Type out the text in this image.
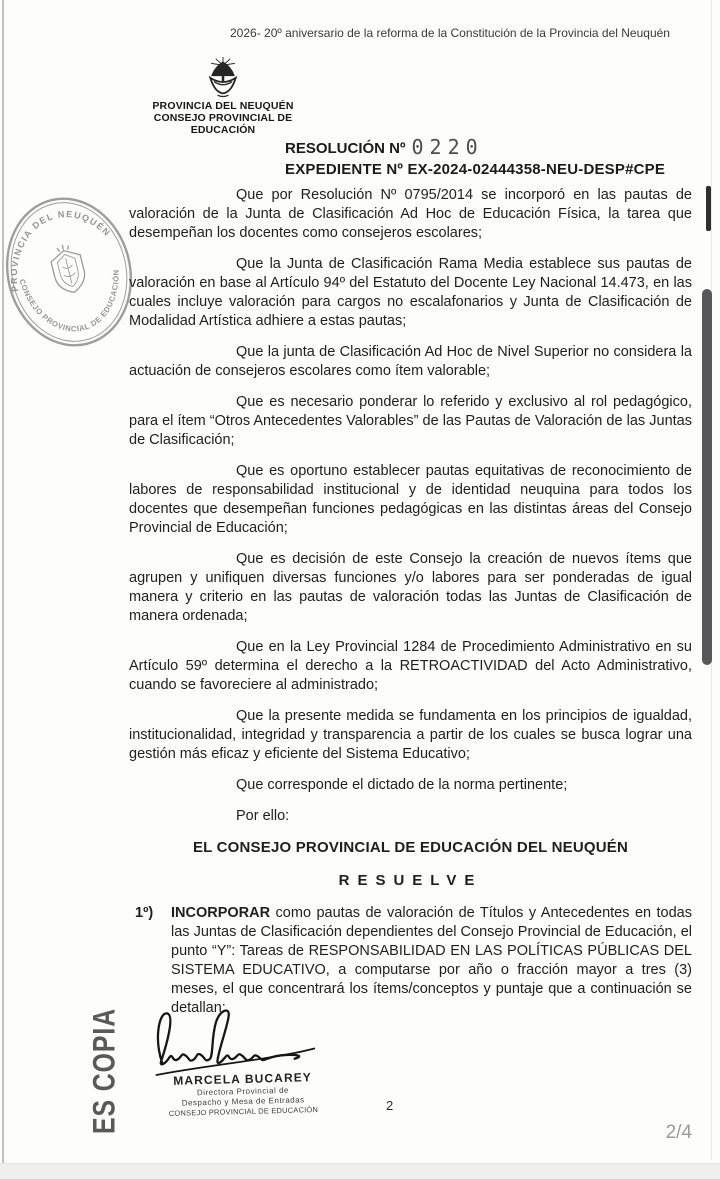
2026- 20º aniversario de la reforma de la Constitución de la Provincia del Neuquén
PROVINCIA DEL NEUQUÉN
CONSEJO PROVINCIAL DE EDUCACIÓN
RESOLUCIÓN Nº 0220
EXPEDIENTE Nº EX-2024-02444358-NEU-DESP#CPE
PROVINCIA DEL NEUQUÉN
CONSEJO PROVINCIAL DE EDUCACIÓN

Que por Resolución Nº 0795/2014 se incorporó en las pautas de valoración de la Junta de Clasificación Ad Hoc de Educación Física, la tarea que desempeñan los docentes como consejeros escolares;

Que la Junta de Clasificación Rama Media establece sus pautas de valoración en base al Artículo 94º del Estatuto del Docente Ley Nacional 14.473, en las cuales incluye valoración para cargos no escalafonarios y Junta de Clasificación de Modalidad Artística adhiere a estas pautas;

Que la junta de Clasificación Ad Hoc de Nivel Superior no considera la actuación de consejeros escolares como ítem valorable;

Que es necesario ponderar lo referido y exclusivo al rol pedagógico, para el ítem “Otros Antecedentes Valorables” de las Pautas de Valoración de las Juntas de Clasificación;

Que es oportuno establecer pautas equitativas de reconocimiento de labores de responsabilidad institucional y de identidad neuquina para todos los docentes que desempeñan funciones pedagógicas en las distintas áreas del Consejo Provincial de Educación;

Que es decisión de este Consejo la creación de nuevos ítems que agrupen y unifiquen diversas funciones y/o labores para ser ponderadas de igual manera y criterio en las pautas de valoración todas las Juntas de Clasificación de manera ordenada;

Que en la Ley Provincial 1284 de Procedimiento Administrativo en su Artículo 59º determina el derecho a la RETROACTIVIDAD del Acto Administrativo, cuando se favoreciere al administrado;

Que la presente medida se fundamenta en los principios de igualdad, institucionalidad, integridad y transparencia a partir de los cuales se busca lograr una gestión más eficaz y eficiente del Sistema Educativo;

Que corresponde el dictado de la norma pertinente;

Por ello:

EL CONSEJO PROVINCIAL DE EDUCACIÓN DEL NEUQUÉN

RESUELVE

1º)	INCORPORAR como pautas de valoración de Títulos y Antecedentes en todas las Juntas de Clasificación dependientes del Consejo Provincial de Educación, el punto “Y”: Tareas de RESPONSABILIDAD EN LAS POLÍTICAS PÚBLICAS DEL SISTEMA EDUCATIVO, a computarse por año o fracción mayor a tres (3) meses, el que concentrará los ítems/conceptos y puntaje que a continuación se detallan:
MARCELA BUCAREY
Directora Provincial de
Despacho y Mesa de Entradas
CONSEJO PROVINCIAL DE EDUCACIÓN	2
ES COPIA	2/4
